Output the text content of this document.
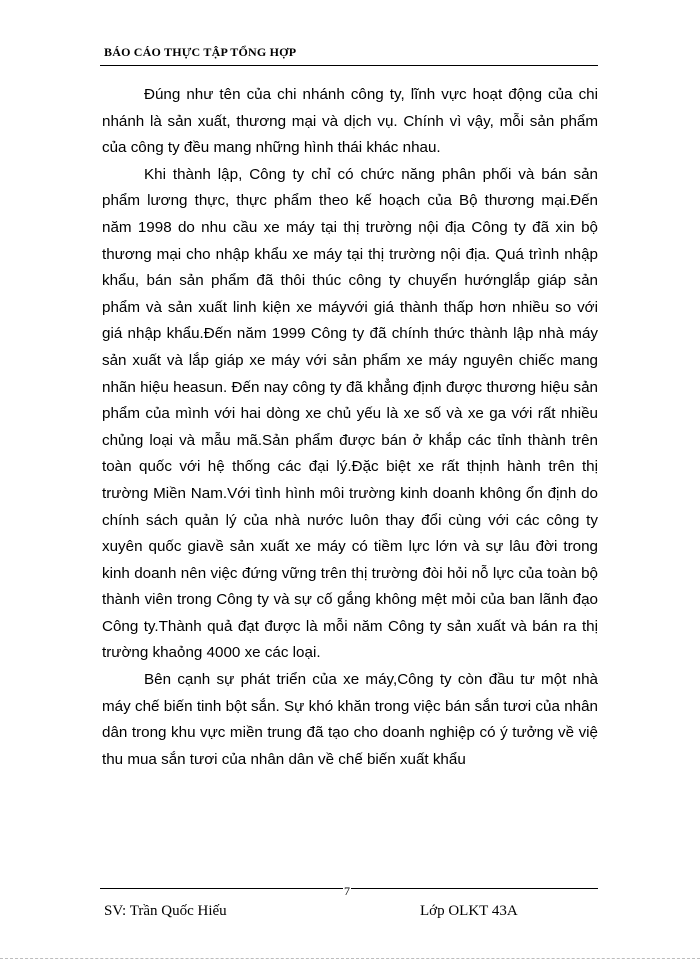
BÁO CÁO THỰC TẬP TỔNG HỢP

Đúng như tên của chi nhánh công ty, lĩnh vực hoạt động của chi nhánh là sản xuất, thương mại và dịch vụ. Chính vì vậy, mỗi sản phẩm của công ty đều mang những hình thái khác nhau.

Khi thành lập, Công ty chỉ có chức năng phân phối và bán sản phẩm lương thực, thực phẩm theo kế hoạch của Bộ thương mại.Đến năm 1998 do nhu cầu xe máy tại thị trường nội địa Công ty đã xin bộ thương mại cho nhập khẩu xe máy tại thị trường nội địa. Quá trình nhập khẩu, bán sản phẩm đã thôi thúc công ty chuyển hướnglắp giáp sản phẩm và sản xuất linh kiện xe máyvới giá thành thấp hơn nhiều so với giá nhập khẩu.Đến năm 1999 Công ty đã chính thức thành lập nhà máy sản xuất và lắp giáp xe máy với sản phẩm xe máy nguyên chiếc mang nhãn hiệu heasun. Đến nay công ty đã khẳng định được thương hiệu sản phẩm của mình với hai dòng xe chủ yếu là xe số và xe ga với rất nhiều chủng loại và mẫu mã.Sản phẩm được bán ở khắp các tỉnh thành trên toàn quốc với hệ thống các đại lý.Đặc biệt xe rất thịnh hành trên thị trường Miền Nam.Với tình hình môi trường kinh doanh không ổn định do chính sách quản lý của nhà nước luôn thay đổi cùng với các công ty xuyên quốc giavề sản xuất xe máy có tiềm lực lớn và sự lâu đời trong kinh doanh nên việc đứng vững trên thị trường đòi hỏi nỗ lực của toàn bộ thành viên trong Công ty và sự cố gắng không mệt mỏi của ban lãnh đạo Công ty.Thành quả đạt được là mỗi năm Công ty sản xuất và bán ra thị trường khaỏng 4000 xe các loại.

Bên cạnh sự phát triển của xe máy,Công ty còn đầu tư một nhà máy chế biến tinh bột sắn. Sự khó khăn trong việc bán sắn tươi của nhân dân trong khu vực miền trung đã tạo cho doanh nghiệp có ý tưởng về việ thu mua sắn tươi của nhân dân về chế biến xuất khẩu

7
SV: Trần Quốc Hiếu	Lớp OLKT 43A
